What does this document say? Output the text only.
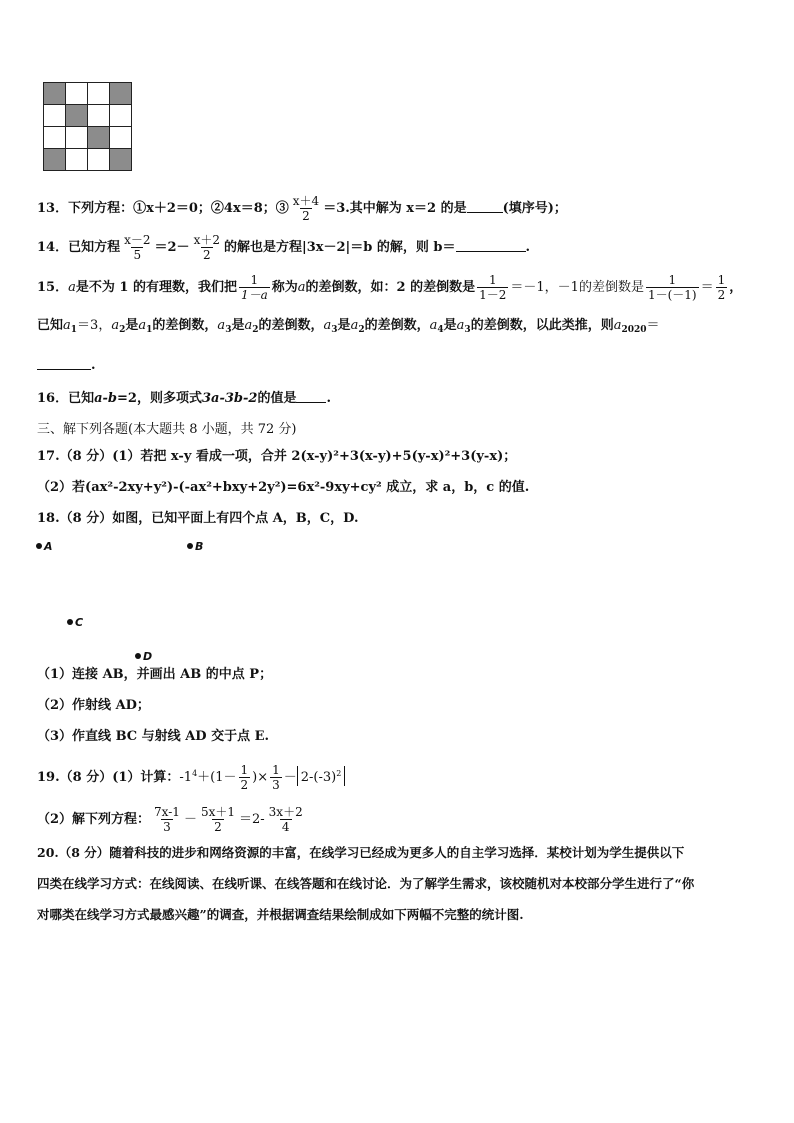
13．下列方程：①x＋2＝0；②4x＝8；③ $\frac{x+4}{2} =3$.其中解为 x＝2 的是	(填序号)；
14．已知方程 $\frac{x-2}{5} =2- \frac{x+2}{2}$ 的解也是方程|3x－2|＝b 的解，则 b＝	.
15．a是不为 1 的有理数，我们把 $\frac{1}{1-a}$ 称为a的差倒数，如：2 的差倒数是 $\frac{1}{1-2} =-1$，－1的差倒数是 $\frac{1}{1-(-1)} = \frac{1}{2}$ ，
已知$a_1=3$，$a_2$是$a_1$的差倒数，$a_3$是$a_2$的差倒数，$a_3$是$a_2$的差倒数，$a_4$是$a_3$的差倒数，以此类推，则$a_{2020}=$
.
16．已知a-b=2，则多项式3a-3b-2的值是 .
三、解下列各题(本大题共 8 小题，共 72 分)
17.（8 分）(1）若把 x-y 看成一项，合并 2(x-y)²+3(x-y)+5(y-x)²+3(y-x)；
（2）若(ax²-2xy+y²)-(-ax²+bxy+2y²)=6x²-9xy+cy² 成立，求 a，b，c 的值.
18.（8 分）如图，已知平面上有四个点 A，B，C，D.
A	B
C
D
（1）连接 AB，并画出 AB 的中点 P；
（2）作射线 AD；
（3）作直线 BC 与射线 AD 交于点 E.
19.（8 分）(1）计算：$-1^4+(1- \frac{1}{2}$ )× $\frac{1}{3} - 2-(-3)^2$
（2）解下列方程： $\frac{7x-1}{3} - \frac{5x+1}{2} =2- \frac{3x+2}{4}$
20.（8 分）随着科技的进步和网络资源的丰富，在线学习已经成为更多人的自主学习选择．某校计划为学生提供以下
四类在线学习方式：在线阅读、在线听课、在线答题和在线讨论．为了解学生需求，该校随机对本校部分学生进行了“你
对哪类在线学习方式最感兴趣”的调查，并根据调查结果绘制成如下两幅不完整的统计图.
